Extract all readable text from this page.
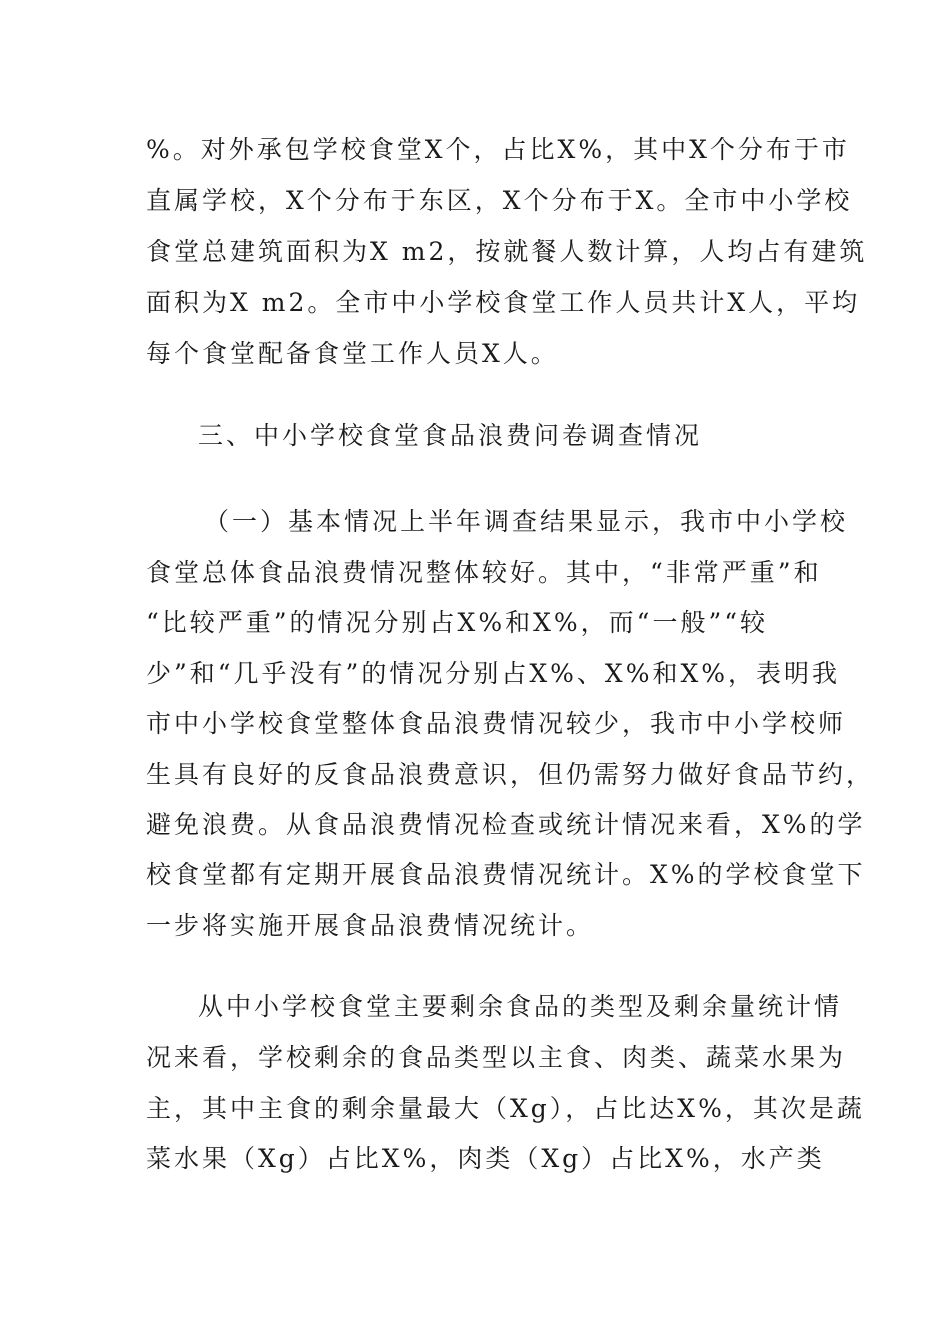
%。对外承包学校食堂X个，占比X%，其中X个分布于市

直属学校，X个分布于东区，X个分布于X。全市中小学校

食堂总建筑面积为X m2，按就餐人数计算，人均占有建筑

面积为X m2。全市中小学校食堂工作人员共计X人，平均

每个食堂配备食堂工作人员X人。

三、中小学校食堂食品浪费问卷调查情况

（一）基本情况上半年调查结果显示，我市中小学校

食堂总体食品浪费情况整体较好。其中，“非常严重”和

“比较严重”的情况分别占X%和X%，而“一般”“较

少”和“几乎没有”的情况分别占X%、X%和X%，表明我

市中小学校食堂整体食品浪费情况较少，我市中小学校师

生具有良好的反食品浪费意识，但仍需努力做好食品节约，

避免浪费。从食品浪费情况检查或统计情况来看，X%的学

校食堂都有定期开展食品浪费情况统计。X%的学校食堂下

一步将实施开展食品浪费情况统计。

从中小学校食堂主要剩余食品的类型及剩余量统计情

况来看，学校剩余的食品类型以主食、肉类、蔬菜水果为

主，其中主食的剩余量最大（Xg），占比达X%，其次是蔬

菜水果（Xg）占比X%，肉类（Xg）占比X%，水产类
